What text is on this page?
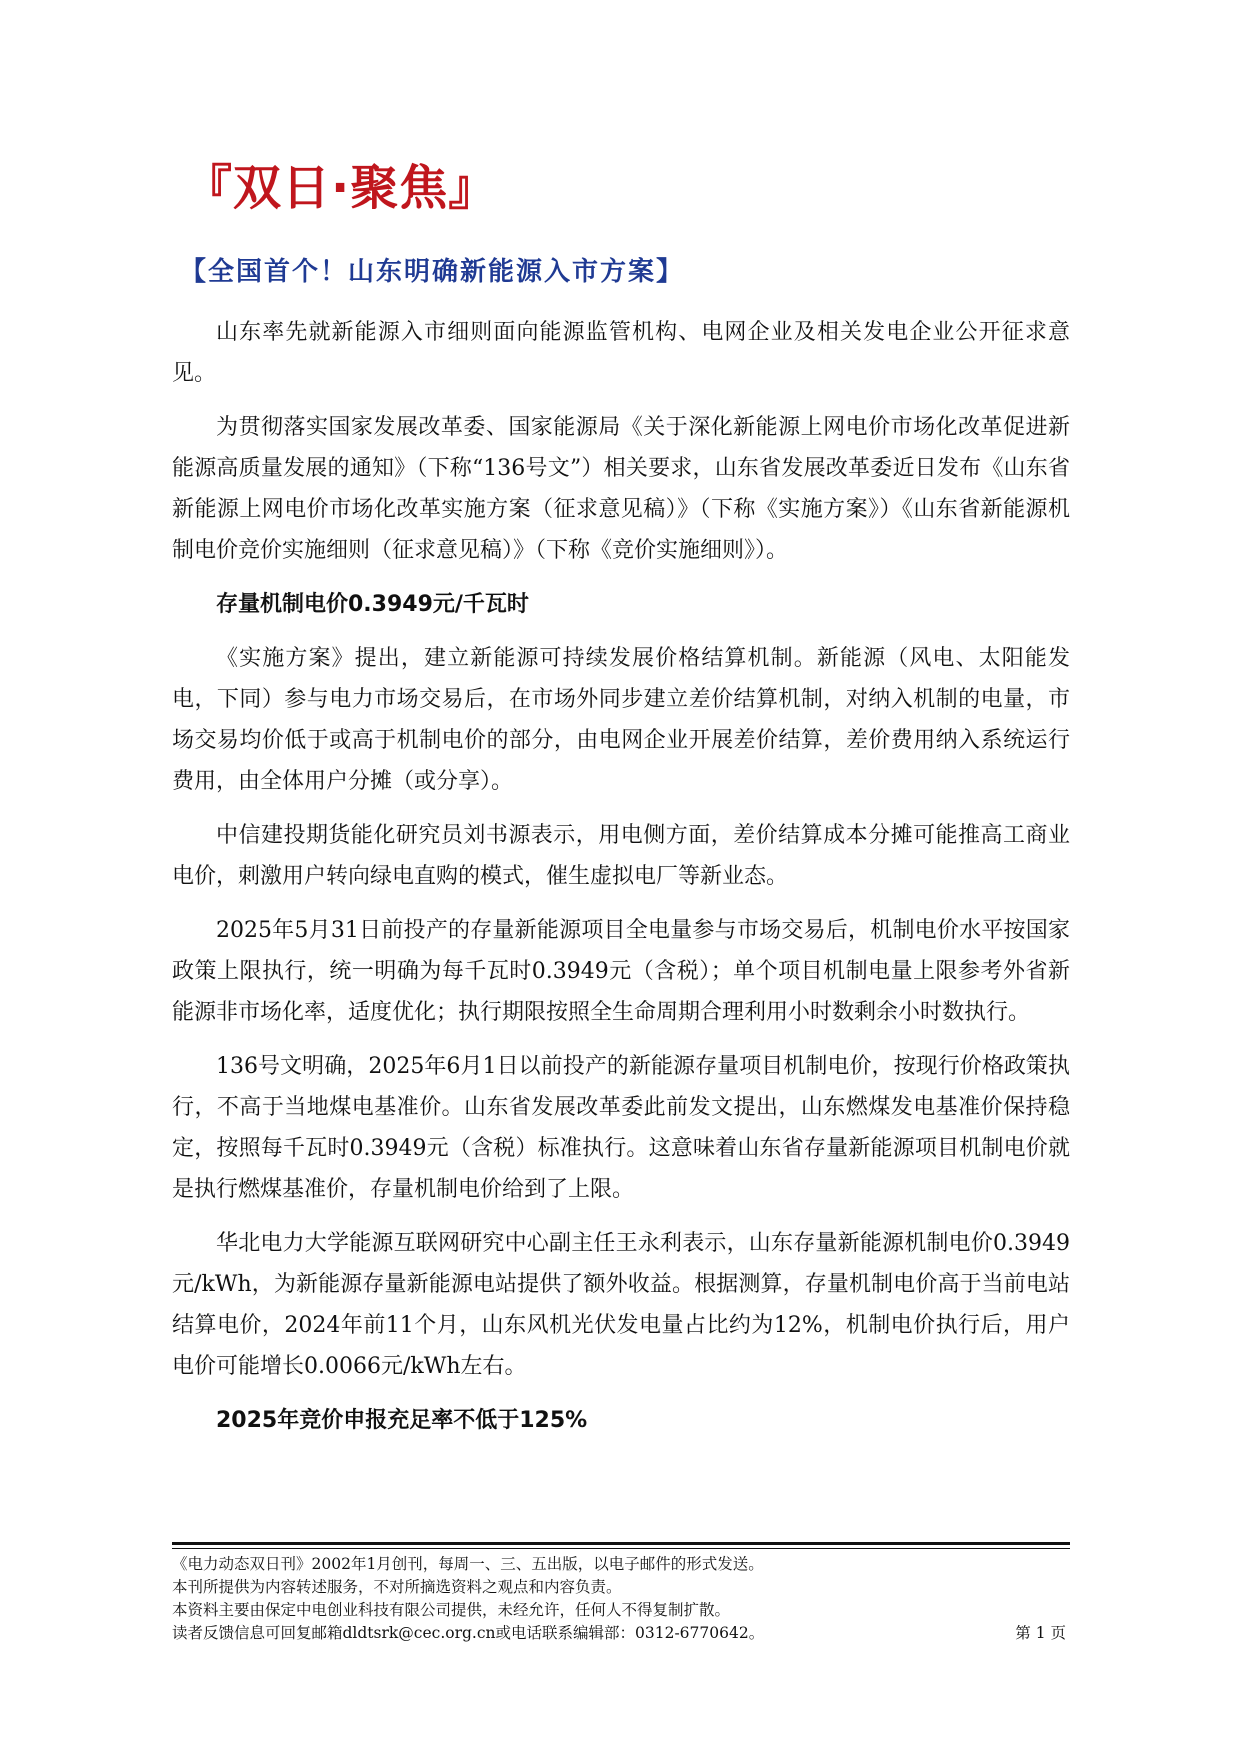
『双日·聚焦』
【全国首个！山东明确新能源入市方案】

山东率先就新能源入市细则面向能源监管机构、电网企业及相关发电企业公开征求意见。

为贯彻落实国家发展改革委、国家能源局《关于深化新能源上网电价市场化改革促进新能源高质量发展的通知》（下称“136号文”）相关要求，山东省发展改革委近日发布《山东省新能源上网电价市场化改革实施方案（征求意见稿）》（下称《实施方案》）《山东省新能源机制电价竞价实施细则（征求意见稿）》（下称《竞价实施细则》）。

存量机制电价0.3949元/千瓦时

《实施方案》提出，建立新能源可持续发展价格结算机制。新能源（风电、太阳能发电，下同）参与电力市场交易后，在市场外同步建立差价结算机制，对纳入机制的电量，市场交易均价低于或高于机制电价的部分，由电网企业开展差价结算，差价费用纳入系统运行费用，由全体用户分摊（或分享）。

中信建投期货能化研究员刘书源表示，用电侧方面，差价结算成本分摊可能推高工商业电价，刺激用户转向绿电直购的模式，催生虚拟电厂等新业态。

2025年5月31日前投产的存量新能源项目全电量参与市场交易后，机制电价水平按国家政策上限执行，统一明确为每千瓦时0.3949元（含税）；单个项目机制电量上限参考外省新能源非市场化率，适度优化；执行期限按照全生命周期合理利用小时数剩余小时数执行。

136号文明确，2025年6月1日以前投产的新能源存量项目机制电价，按现行价格政策执行，不高于当地煤电基准价。山东省发展改革委此前发文提出，山东燃煤发电基准价保持稳定，按照每千瓦时0.3949元（含税）标准执行。这意味着山东省存量新能源项目机制电价就是执行燃煤基准价，存量机制电价给到了上限。

华北电力大学能源互联网研究中心副主任王永利表示，山东存量新能源机制电价0.3949元/kWh，为新能源存量新能源电站提供了额外收益。根据测算，存量机制电价高于当前电站结算电价，2024年前11个月，山东风机光伏发电量占比约为12%，机制电价执行后，用户电价可能增长0.0066元/kWh左右。

2025年竞价申报充足率不低于125%

《电力动态双日刊》2002年1月创刊，每周一、三、五出版，以电子邮件的形式发送。

本刊所提供为内容转述服务，不对所摘选资料之观点和内容负责。

本资料主要由保定中电创业科技有限公司提供，未经允许，任何人不得复制扩散。

读者反馈信息可回复邮箱dldtsrk@cec.org.cn或电话联系编辑部：0312-6770642。	第 1 页
